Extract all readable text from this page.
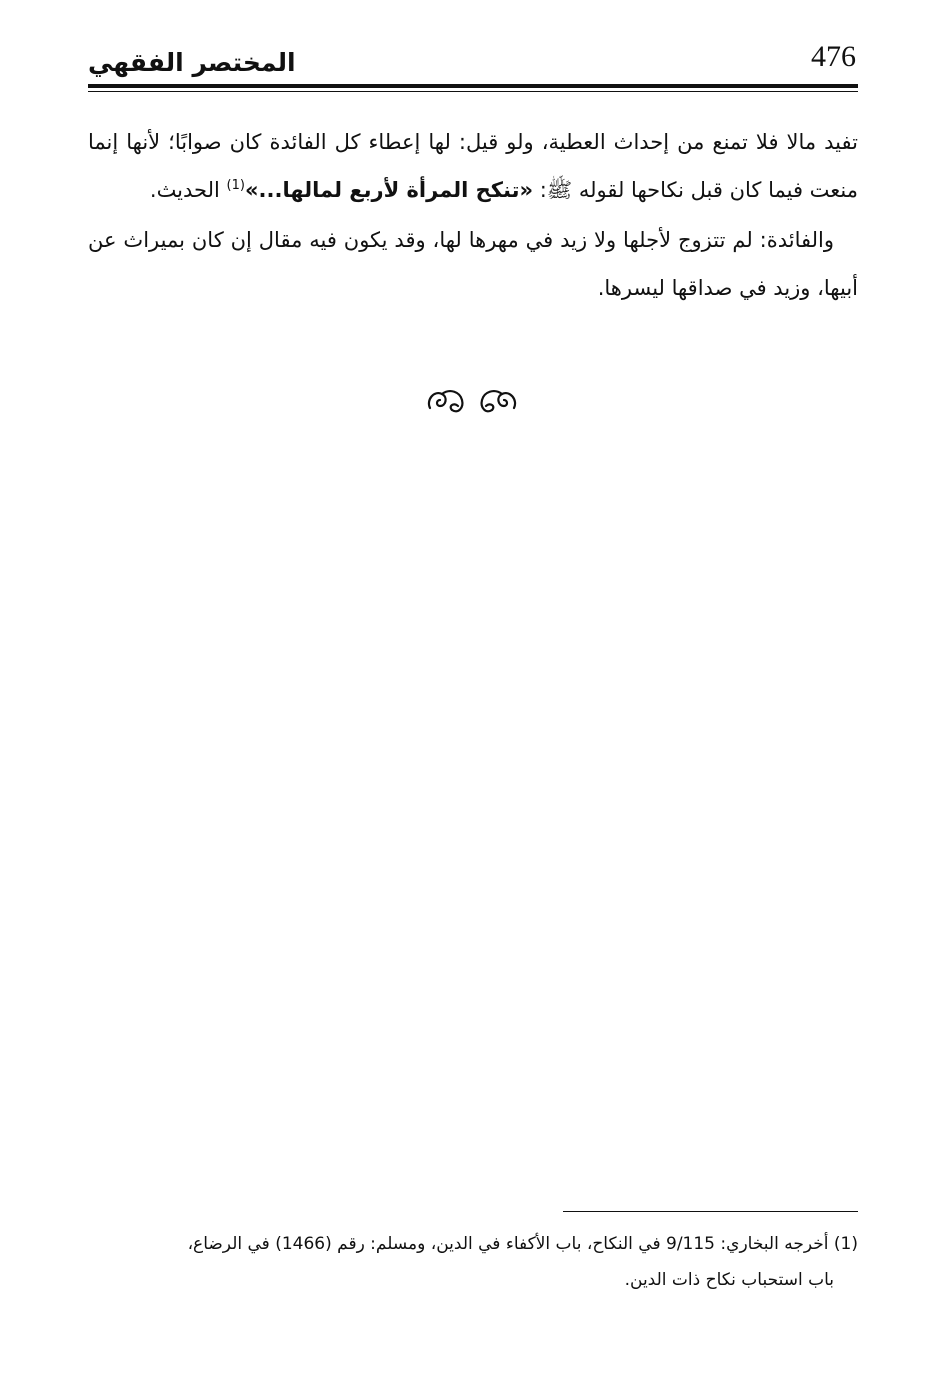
476
المختصر الفقهي

تفيد مالا فلا تمنع من إحداث العطية، ولو قيل: لها إعطاء كل الفائدة كان صوابًا؛ لأنها إنما منعت فيما كان قبل نكاحها لقوله ﷺ: «تنكح المرأة لأربع لمالها...»$^{(1)}$ الحديث.

والفائدة: لم تتزوج لأجلها ولا زيد في مهرها لها، وقد يكون فيه مقال إن كان بميراث عن أبيها، وزيد في صداقها ليسرها.

(1) أخرجه البخاري: 9/115 في النكاح، باب الأكفاء في الدين، ومسلم: رقم (1466) في الرضاع،

باب استحباب نكاح ذات الدين.
